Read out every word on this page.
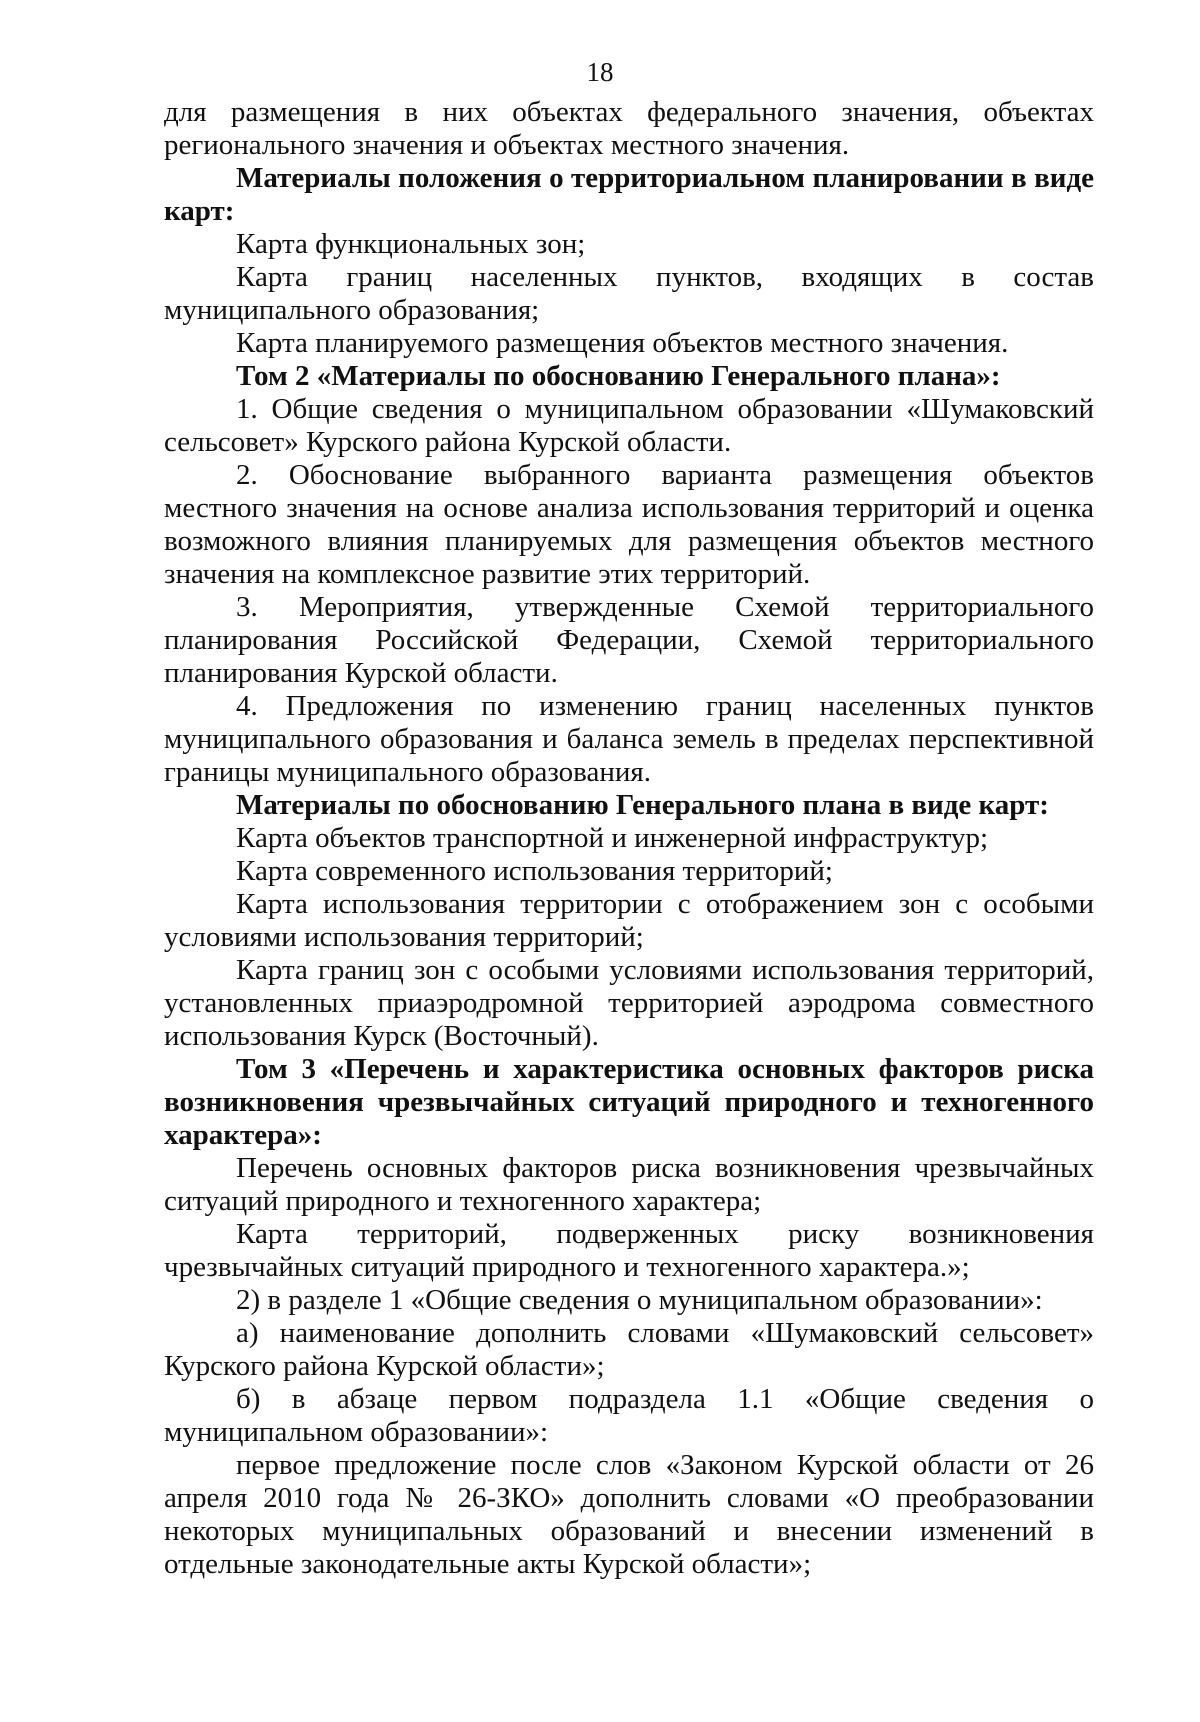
18

для размещения в них объектах федерального значения, объектах регионального значения и объектах местного значения.

Материалы положения о территориальном планировании в виде карт:

Карта функциональных зон;

Карта границ населенных пунктов, входящих в состав муниципального образования;

Карта планируемого размещения объектов местного значения.

Том 2 «Материалы по обоснованию Генерального плана»:

1. Общие сведения о муниципальном образовании «Шумаковский сельсовет» Курского района Курской области.

2. Обоснование выбранного варианта размещения объектов местного значения на основе анализа использования территорий и оценка возможного влияния планируемых для размещения объектов местного значения на комплексное развитие этих территорий.

3. Мероприятия, утвержденные Схемой территориального планирования Российской Федерации, Схемой территориального планирования Курской области.

4. Предложения по изменению границ населенных пунктов муниципального образования и баланса земель в пределах перспективной границы муниципального образования.

Материалы по обоснованию Генерального плана в виде карт:

Карта объектов транспортной и инженерной инфраструктур;

Карта современного использования территорий;

Карта использования территории с отображением зон с особыми условиями использования территорий;

Карта границ зон с особыми условиями использования территорий, установленных приаэродромной территорией аэродрома совместного использования Курск (Восточный).

Том 3 «Перечень и характеристика основных факторов риска возникновения чрезвычайных ситуаций природного и техногенного характера»:

Перечень основных факторов риска возникновения чрезвычайных ситуаций природного и техногенного характера;

Карта территорий, подверженных риску возникновения чрезвычайных ситуаций природного и техногенного характера.»;

2) в разделе 1 «Общие сведения о муниципальном образовании»:

а) наименование дополнить словами «Шумаковский сельсовет» Курского района Курской области»;

б) в абзаце первом подраздела 1.1 «Общие сведения о муниципальном образовании»:

первое предложение после слов «Законом Курской области от 26 апреля 2010 года № 26-ЗКО» дополнить словами «О преобразовании некоторых муниципальных образований и внесении изменений в отдельные законодательные акты Курской области»;
